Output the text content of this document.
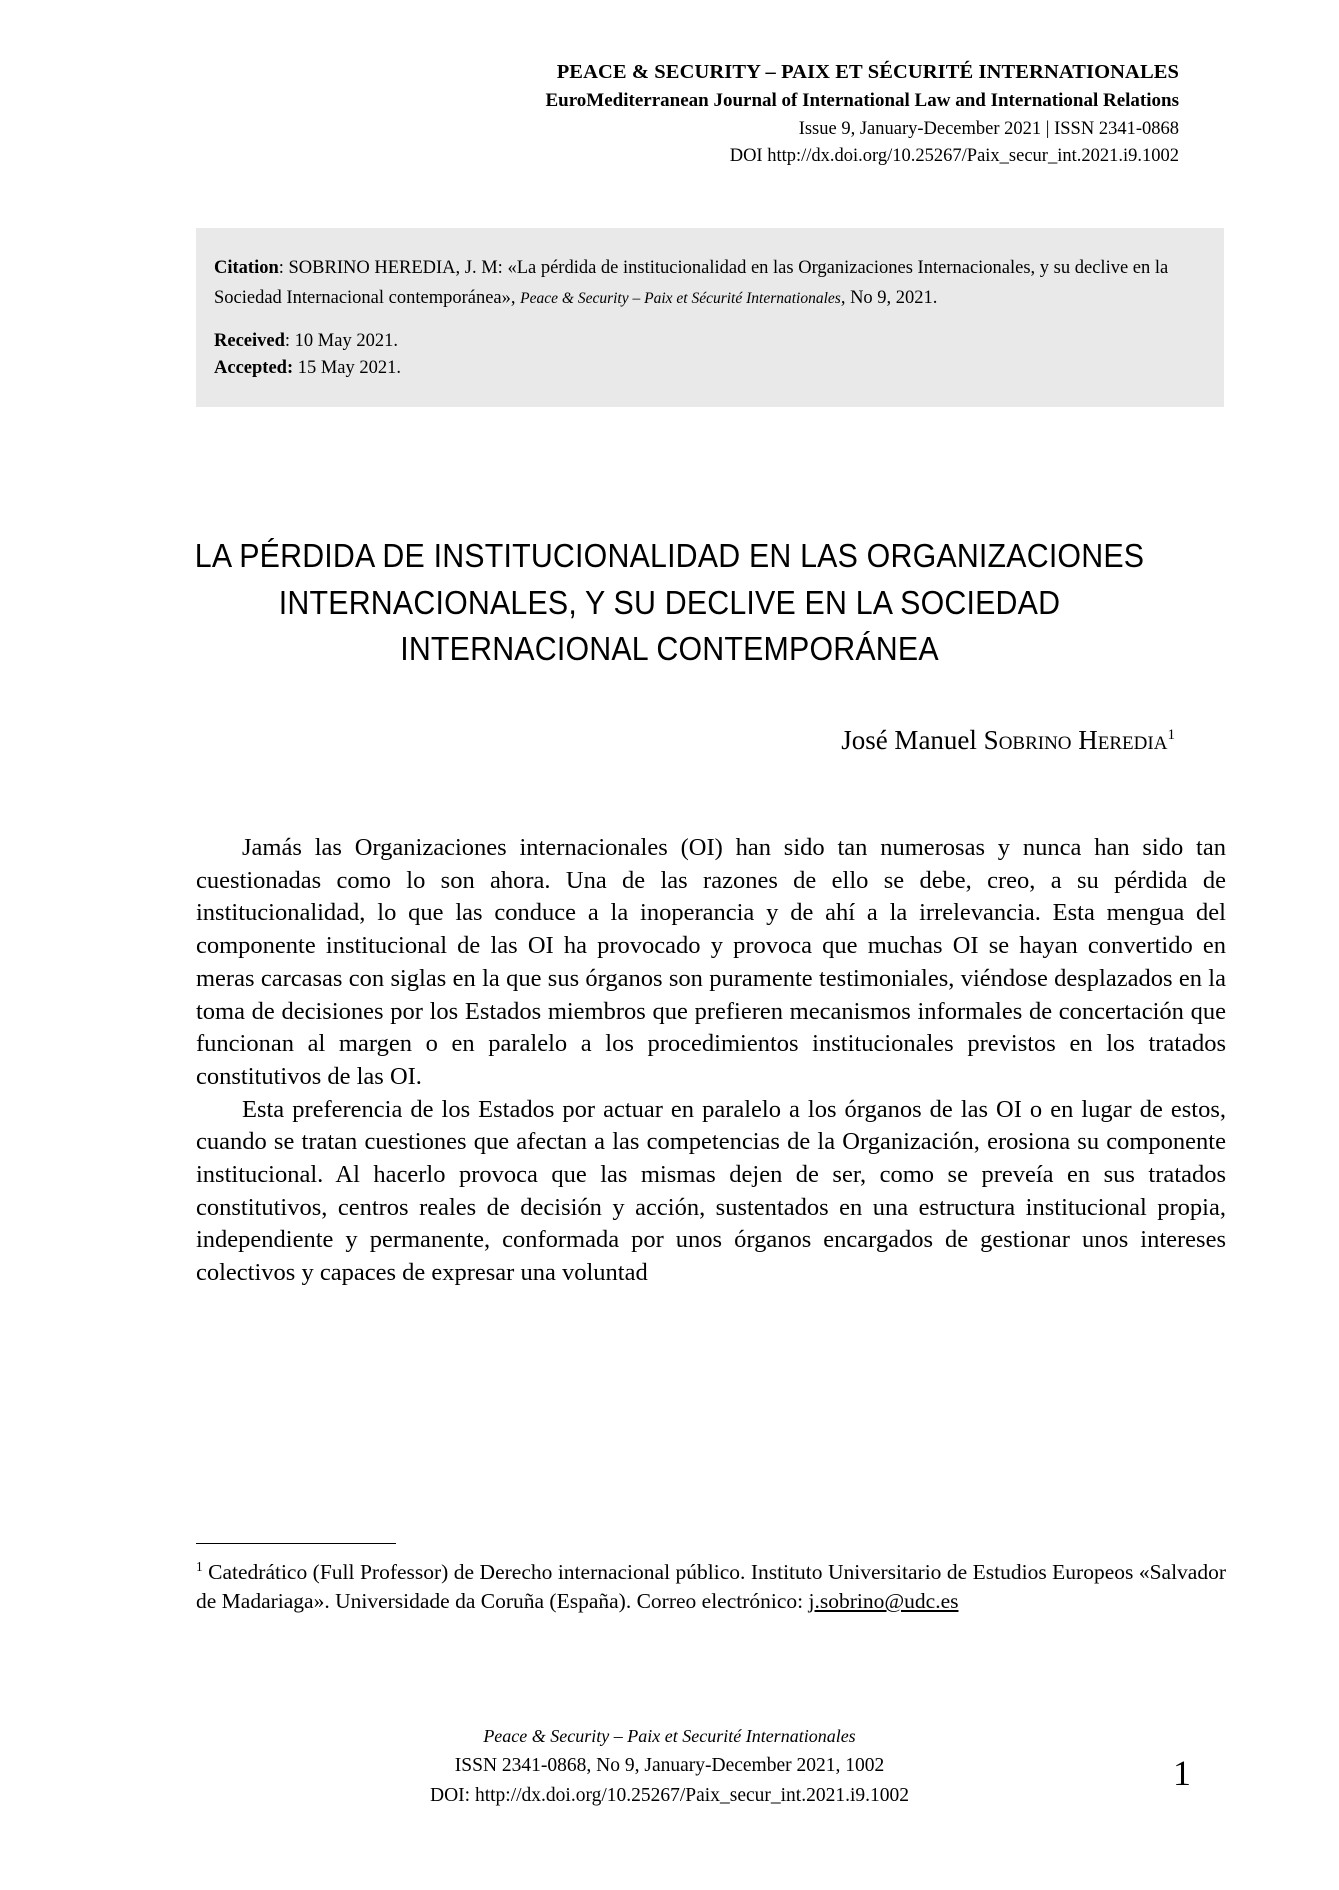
PEACE & SECURITY – PAIX ET SÉCURITÉ INTERNATIONALES
EuroMediterranean Journal of International Law and International Relations
Issue 9, January-December 2021 | ISSN 2341-0868
DOI http://dx.doi.org/10.25267/Paix_secur_int.2021.i9.1002

Citation: SOBRINO HEREDIA, J. M: «La pérdida de institucionalidad en las Organizaciones Internacionales, y su declive en la Sociedad Internacional contemporánea», Peace & Security – Paix et Sécurité Internationales, No 9, 2021.

Received: 10 May 2021.

Accepted: 15 May 2021.

LA PÉRDIDA DE INSTITUCIONALIDAD EN LAS ORGANIZACIONES INTERNACIONALES, Y SU DECLIVE EN LA SOCIEDAD INTERNACIONAL CONTEMPORÁNEA
José Manuel Sobrino Heredia$^1$

Jamás las Organizaciones internacionales (OI) han sido tan numerosas y nunca han sido tan cuestionadas como lo son ahora. Una de las razones de ello se debe, creo, a su pérdida de institucionalidad, lo que las conduce a la inoperancia y de ahí a la irrelevancia. Esta mengua del componente institucional de las OI ha provocado y provoca que muchas OI se hayan convertido en meras carcasas con siglas en la que sus órganos son puramente testimoniales, viéndose desplazados en la toma de decisiones por los Estados miembros que prefieren mecanismos informales de concertación que funcionan al margen o en paralelo a los procedimientos institucionales previstos en los tratados constitutivos de las OI.

Esta preferencia de los Estados por actuar en paralelo a los órganos de las OI o en lugar de estos, cuando se tratan cuestiones que afectan a las competencias de la Organización, erosiona su componente institucional. Al hacerlo provoca que las mismas dejen de ser, como se preveía en sus tratados constitutivos, centros reales de decisión y acción, sustentados en una estructura institucional propia, independiente y permanente, conformada por unos órganos encargados de gestionar unos intereses colectivos y capaces de expresar una voluntad

$^1$ Catedrático (Full Professor) de Derecho internacional público. Instituto Universitario de Estudios Europeos «Salvador de Madariaga». Universidade da Coruña (España). Correo electrónico: j.sobrino@udc.es

Peace & Security – Paix et Securité Internationales
ISSN 2341-0868, No 9, January-December 2021, 1002
DOI: http://dx.doi.org/10.25267/Paix_secur_int.2021.i9.1002
1
